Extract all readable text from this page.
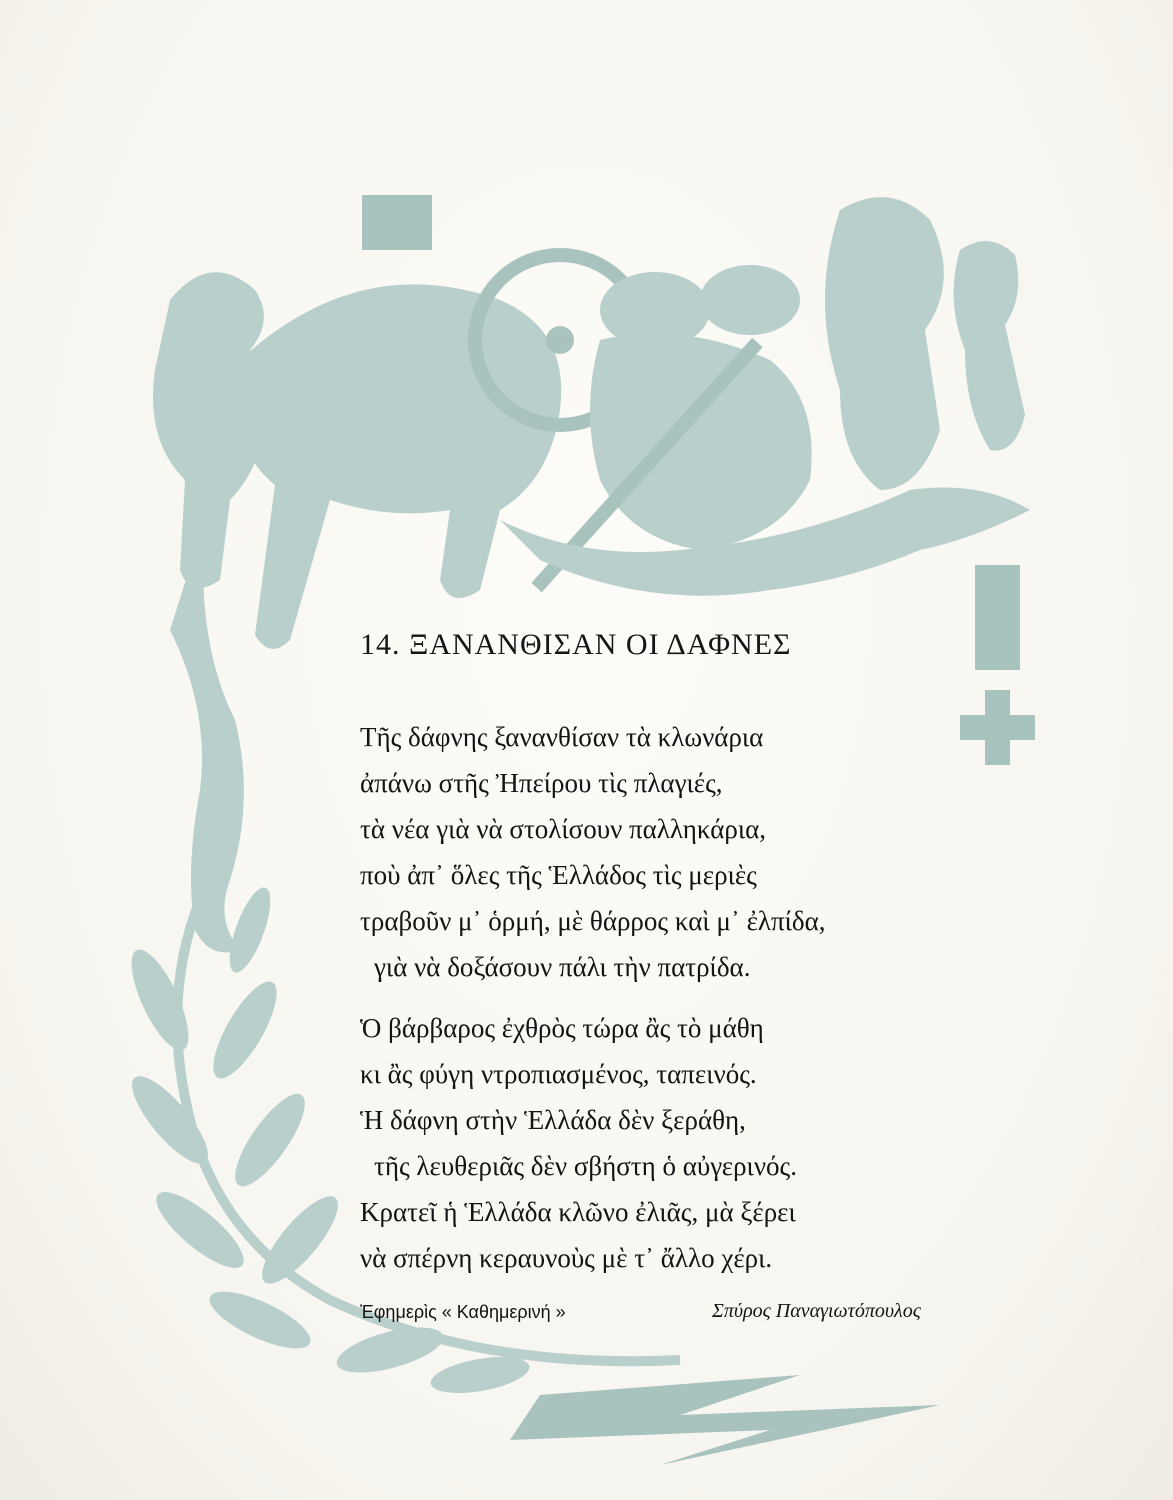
14. ΞΑΝΑΝΘΙΣΑΝ ΟΙ ΔΑΦΝΕΣ
Τῆς δάφνης ξανανθίσαν τὰ κλωνάρια
ἀπάνω στῆς Ἠπείρου τὶς πλαγιές,
τὰ νέα γιὰ νὰ στολίσουν παλληκάρια,
ποὺ ἀπ᾽ ὅλες τῆς Ἑλλάδος τὶς μεριὲς
τραβοῦν μ᾽ ὁρμή, μὲ θάρρος καὶ μ᾽ ἐλπίδα,
γιὰ νὰ δοξάσουν πάλι τὴν πατρίδα.
Ὁ βάρβαρος ἐχθρὸς τώρα ἂς τὸ μάθη
κι ἂς φύγη ντροπιασμένος, ταπεινός.
Ἡ δάφνη στὴν Ἑλλάδα δὲν ξεράθη,
τῆς λευθεριᾶς δὲν σβήστη ὁ αὐγερινός.
Κρατεῖ ἡ Ἑλλάδα κλῶνο ἐλιᾶς, μὰ ξέρει
νὰ σπέρνη κεραυνοὺς μὲ τ᾽ ἄλλο χέρι.
Ἐφημερὶς « Καθημερινή »	Σπύρος Παναγιωτόπουλος
